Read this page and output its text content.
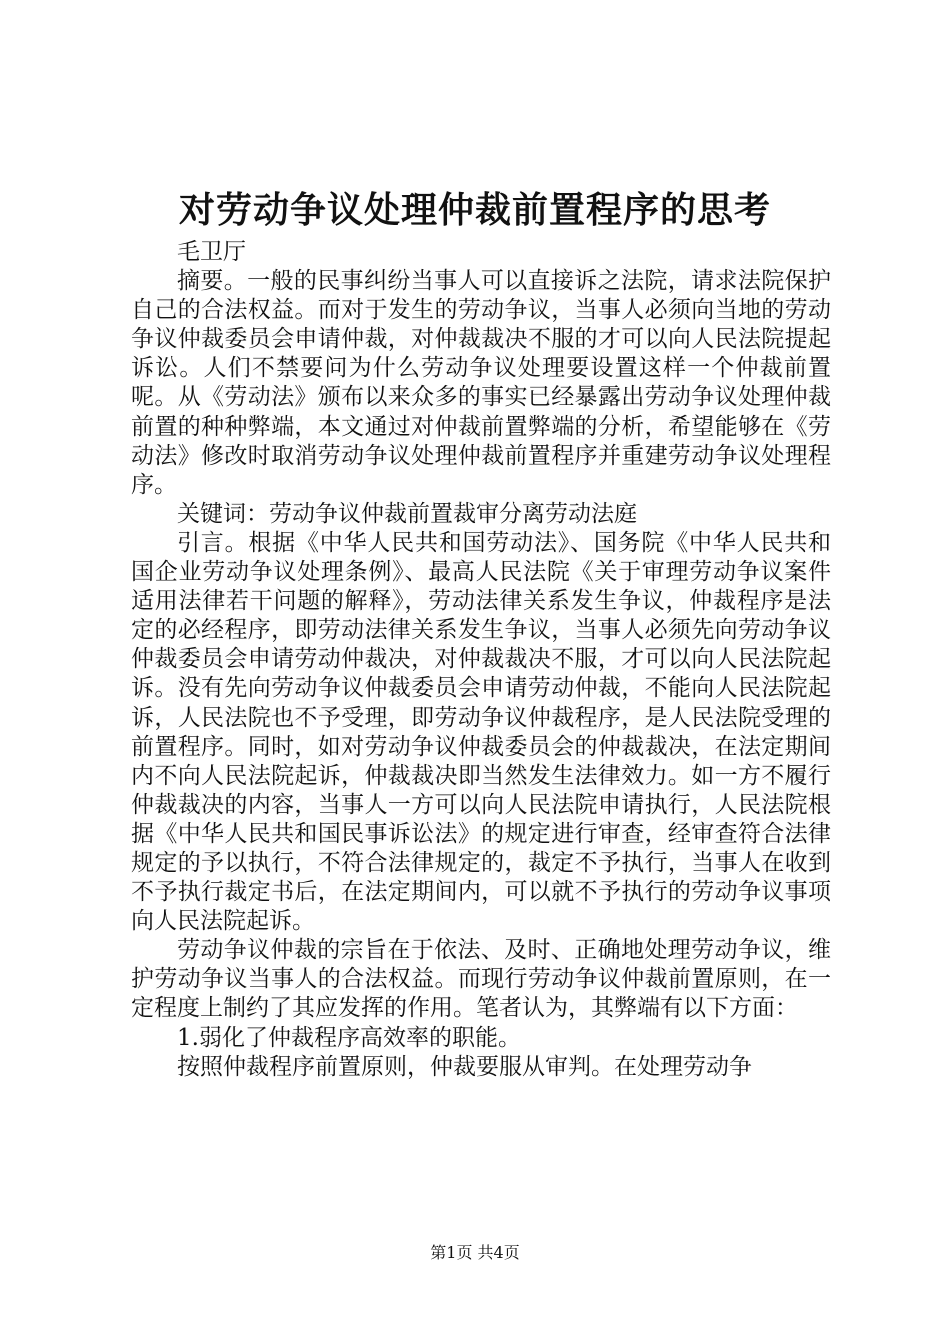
对劳动争议处理仲裁前置程序的思考

毛卫厅

摘要。一般的民事纠纷当事人可以直接诉之法院，请求法院保护自己的合法权益。而对于发生的劳动争议，当事人必须向当地的劳动争议仲裁委员会申请仲裁，对仲裁裁决不服的才可以向人民法院提起诉讼。人们不禁要问为什么劳动争议处理要设置这样一个仲裁前置呢。从《劳动法》颁布以来众多的事实已经暴露出劳动争议处理仲裁前置的种种弊端，本文通过对仲裁前置弊端的分析，希望能够在《劳动法》修改时取消劳动争议处理仲裁前置程序并重建劳动争议处理程序。

关键词：劳动争议仲裁前置裁审分离劳动法庭

引言。根据《中华人民共和国劳动法》、国务院《中华人民共和国企业劳动争议处理条例》、最高人民法院《关于审理劳动争议案件适用法律若干问题的解释》，劳动法律关系发生争议，仲裁程序是法定的必经程序，即劳动法律关系发生争议，当事人必须先向劳动争议仲裁委员会申请劳动仲裁决，对仲裁裁决不服，才可以向人民法院起诉。没有先向劳动争议仲裁委员会申请劳动仲裁，不能向人民法院起诉，人民法院也不予受理，即劳动争议仲裁程序，是人民法院受理的前置程序。同时，如对劳动争议仲裁委员会的仲裁裁决，在法定期间内不向人民法院起诉，仲裁裁决即当然发生法律效力。如一方不履行仲裁裁决的内容，当事人一方可以向人民法院申请执行，人民法院根据《中华人民共和国民事诉讼法》的规定进行审查，经审查符合法律规定的予以执行，不符合法律规定的，裁定不予执行，当事人在收到不予执行裁定书后，在法定期间内，可以就不予执行的劳动争议事项向人民法院起诉。

劳动争议仲裁的宗旨在于依法、及时、正确地处理劳动争议，维护劳动争议当事人的合法权益。而现行劳动争议仲裁前置原则，在一定程度上制约了其应发挥的作用。笔者认为，其弊端有以下方面：

1.弱化了仲裁程序高效率的职能。

按照仲裁程序前置原则，仲裁要服从审判。在处理劳动争

第1页 共4页
